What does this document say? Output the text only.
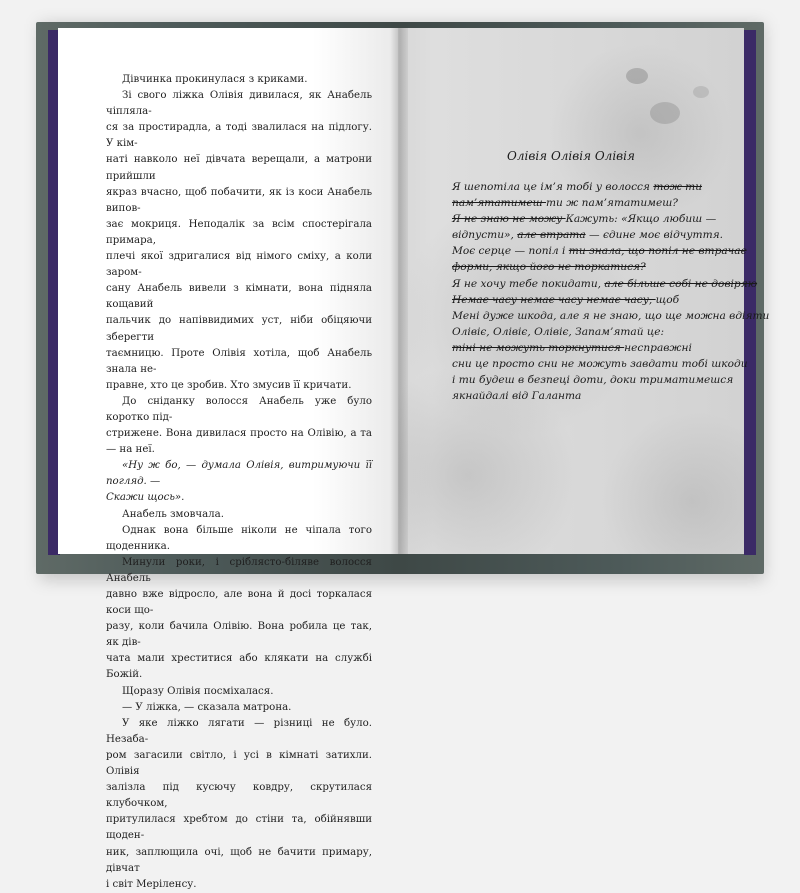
Дівчинка прокинулася з криками.

Зі свого ліжка Олівія дивилася, як Анабель чіпляла-

ся за простирадла, а тоді звалилася на підлогу. У кім-

наті навколо неї дівчата верещали, а матрони прийшли

якраз вчасно, щоб побачити, як із коси Анабель випов-

зає мокриця. Неподалік за всім спостерігала примара,

плечі якої здригалися від німого сміху, а коли заром-

сану Анабель вивели з кімнати, вона підняла кощавий

пальчик до напіввидимих уст, ніби обіцяючи зберегти

таємницю. Проте Олівія хотіла, щоб Анабель знала не-

пpавне, хто це зробив. Хто змусив її кричати.

До сніданку волосся Анабель уже було коротко під-

стрижене. Вона дивилася просто на Олівію, а та — на неї.

«Ну ж бо, — думала Олівія, витримуючи її погляд. —

Скажи щось».

Анабель змовчала.

Однак вона більше ніколи не чіпала того щоденника.

Минули роки, і сріблясто-біляве волосся Анабель

давно вже відросло, але вона й досі торкалася коси що-

разу, коли бачила Олівію. Вона робила це так, як дів-

чата мали хреститися або клякати на службі Божій.

Щоразу Олівія посміхалася.

— У ліжка, — сказала матрона.

У яке ліжко лягати — різниці не було. Незаба-

ром загасили світло, і усі в кімнаті затихли. Олівія

залізла під кусючу ковдру, скрутилася клубочком,

притулилася хребтом до стіни та, обійнявши щоден-

ник, заплющила очі, щоб не бачити примару, дівчат

і світ Мерілeнсу.

Олівія Олівія Олівія
Я шепотіла це ім’я тобі у волосся тож ти
пам’ятатимеш ти ж пам’ятатимеш?
Я не знаю не можу Кажуть: «Якщо любиш —
відпусти», але втрата — єдине моє відчуття.
Моє серце — попіл і ти знала, що попіл не втрачає
форми, якщо його не торкатися?
Я не хочу тебе покидати, але більше собі не довіряю
Немає часу немає часу немає часу, щоб
Мені дуже шкода, але я не знаю, що ще можна вдіяти
Олівіє, Олівіє, Олівіє, Запам’ятай це:
тіні не можуть торкнутися несправжні
сни це просто сни не можуть завдати тобі шкоди
і ти будеш в безпеці доти, доки триматимешся
якнайдалі від Галанта
